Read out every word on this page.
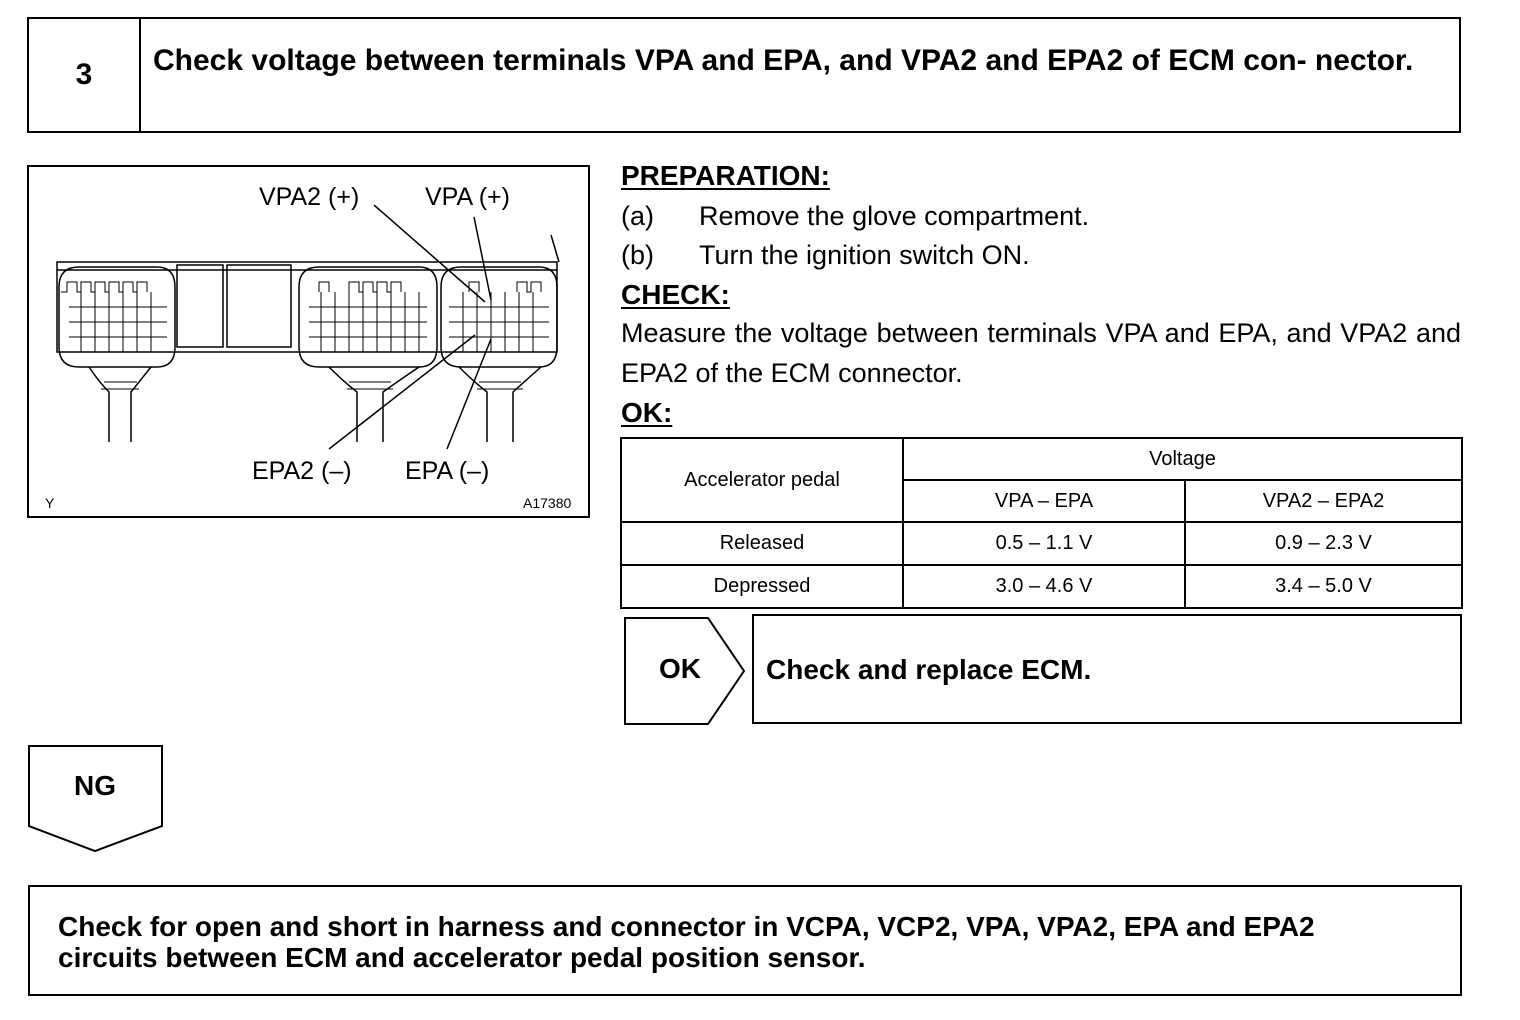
3	Check voltage between terminals VPA and EPA, and VPA2 and EPA2 of ECM con- nector.
VPA2 (+)	VPA (+)
EPA2 (–) EPA (–)
Y	A17380
PREPARATION:
(a) Remove the glove compartment.
(b) Turn the ignition switch ON.
CHECK:
Measure the voltage between terminals VPA and EPA, and VPA2 and EPA2 of the ECM connector.
OK:
Accelerator pedal	Voltage	
	VPA – EPA	VPA2 – EPA2
Released	0.5 – 1.1 V	0.9 – 2.3 V
Depressed	3.0 – 4.6 V	3.4 – 5.0 V
OK	Check and replace ECM.
NG
Check for open and short in harness and connector in VCPA, VCP2, VPA, VPA2, EPA and EPA2
circuits between ECM and accelerator pedal position sensor.
